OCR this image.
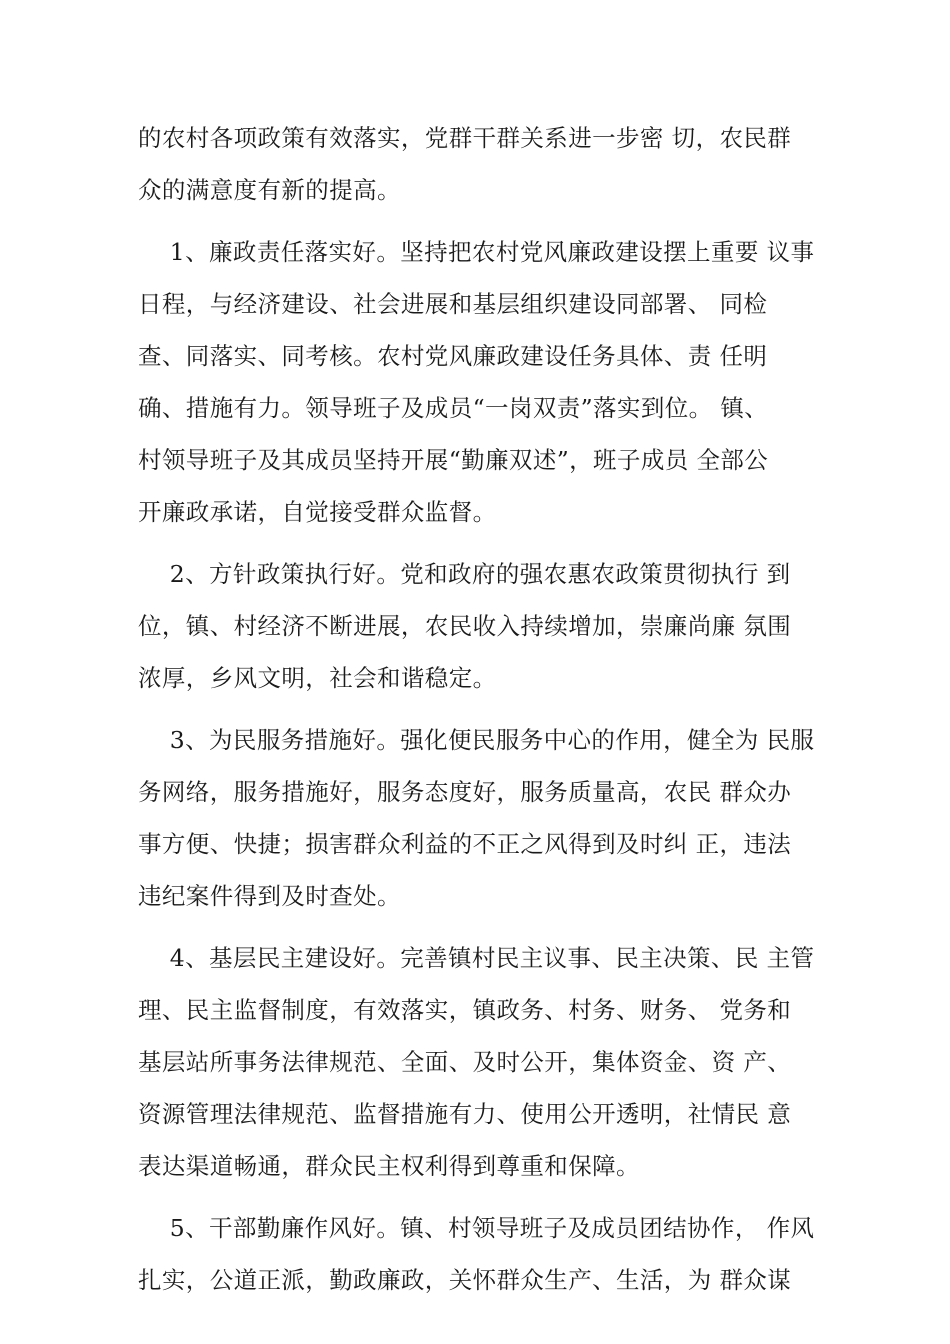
的农村各项政策有效落实，党群干群关系进一步密 切，农民群
众的满意度有新的提高。
　 1、廉政责任落实好。坚持把农村党风廉政建设摆上重要 议事
日程，与经济建设、社会进展和基层组织建设同部署、 同检
查、同落实、同考核。农村党风廉政建设任务具体、责 任明
确、措施有力。领导班子及成员“一岗双责”落实到位。 镇、
村领导班子及其成员坚持开展“勤廉双述”，班子成员 全部公
开廉政承诺，自觉接受群众监督。
　 2、方针政策执行好。党和政府的强农惠农政策贯彻执行 到
位，镇、村经济不断进展，农民收入持续增加，崇廉尚廉 氛围
浓厚，乡风文明，社会和谐稳定。
　 3、为民服务措施好。强化便民服务中心的作用，健全为 民服
务网络，服务措施好，服务态度好，服务质量高，农民 群众办
事方便、快捷；损害群众利益的不正之风得到及时纠 正，违法
违纪案件得到及时查处。
　 4、基层民主建设好。完善镇村民主议事、民主决策、民 主管
理、民主监督制度，有效落实，镇政务、村务、财务、 党务和
基层站所事务法律规范、全面、及时公开，集体资金、资 产、
资源管理法律规范、监督措施有力、使用公开透明，社情民 意
表达渠道畅通，群众民主权利得到尊重和保障。
　 5、干部勤廉作风好。镇、村领导班子及成员团结协作， 作风
扎实，公道正派，勤政廉政，关怀群众生产、生活，为 群众谋
